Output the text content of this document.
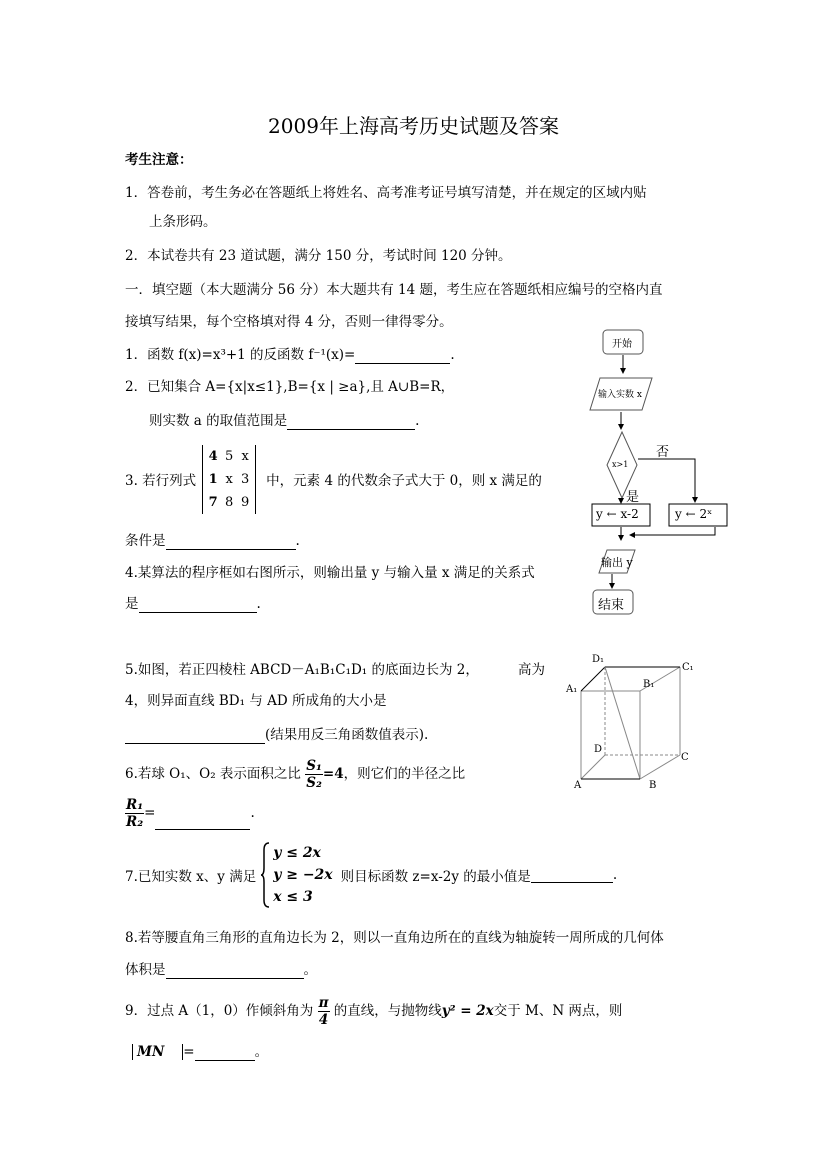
2009年上海高考历史试题及答案
考生注意：
1．答卷前，考生务必在答题纸上将姓名、高考准考证号填写清楚，并在规定的区域内贴
上条形码。
2．本试卷共有 23 道试题，满分 150 分，考试时间 120 分钟。
一．填空题（本大题满分 56 分）本大题共有 14 题，考生应在答题纸相应编号的空格内直
接填写结果，每个空格填对得 4 分，否则一律得零分。
1．函数 f(x)=x³+1 的反函数 f⁻¹(x)=	.
2．已知集合 A={x|x≤1},B={x | ≥a},且 A∪B=R，
则实数 a 的取值范围是	.
3. 若行列式
4 5 x
1 x 3
7 8 9
中，元素 4 的代数余子式大于 0，则 x 满足的
条件是	.
4.某算法的程序框如右图所示，则输出量 y 与输入量 x 满足的关系式
是	.
开始
输入实数 x
x>1
否
是
y ← x-2	y ← 2ˣ
输出 y
结束
5.如图，若正四棱柱 ABCD－A₁B₁C₁D₁ 的底面边长为 2，	高为
4，则异面直线 BD₁ 与 AD 所成角的大小是
(结果用反三角函数值表示).
D₁
C₁
A₁	B₁
D
C
A	B
6.若球 O₁、O₂ 表示面积之比 $\frac{\text{S₁}}{\text{S₂}}=4$，则它们的半径之比
$\frac{\text{R₁}}{\text{R₂}}=$	.
7.已知实数 x、y 满足
y ≤ 2x
y ≥ −2x
x ≤ 3
则目标函数 z=x-2y 的最小值是	.
8.若等腰直角三角形的直角边长为 2，则以一直角边所在的直线为轴旋转一周所成的几何体
体积是	。
9．过点 A（1，0）作倾斜角为 $\frac{\pi}{4}$ 的直线，与抛物线y² = 2x交于 M、N 两点，则
MN =	。
